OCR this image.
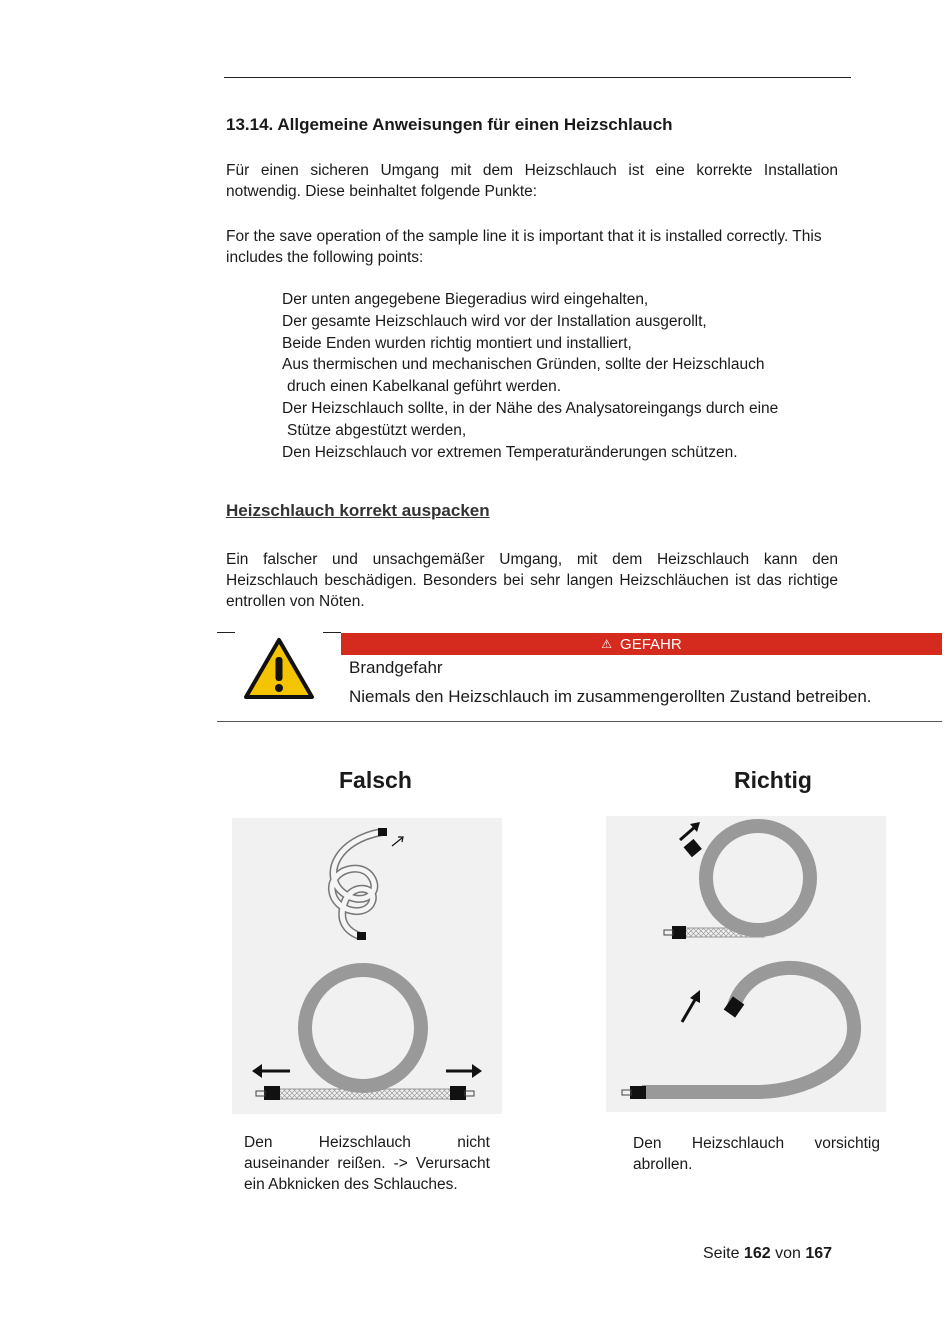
13.14. Allgemeine Anweisungen für einen Heizschlauch

Für einen sicheren Umgang mit dem Heizschlauch ist eine korrekte Installation notwendig. Diese beinhaltet folgende Punkte:

For the save operation of the sample line it is important that it is installed correctly. This includes the following points:

Der unten angegebene Biegeradius wird eingehalten,
Der gesamte Heizschlauch wird vor der Installation ausgerollt,
Beide Enden wurden richtig montiert und installiert,
Aus thermischen und mechanischen Gründen, sollte der Heizschlauch
druch einen Kabelkanal geführt werden.
Der Heizschlauch sollte, in der Nähe des Analysatoreingangs durch eine
Stütze abgestützt werden,
Den Heizschlauch vor extremen Temperaturänderungen schützen.
Heizschlauch korrekt auspacken

Ein falscher und unsachgemäßer Umgang, mit dem Heizschlauch kann den Heizschlauch beschädigen. Besonders bei sehr langen Heizschläuchen ist das richtige entrollen von Nöten.

⚠ GEFAHR

Brandgefahr

Niemals den Heizschlauch im zusammengerollten Zustand betreiben.

Falsch

Den Heizschlauch nicht auseinander reißen. -> Verursacht ein Abknicken des Schlauches.

Richtig

Den Heizschlauch vorsichtig abrollen.

Seite 162 von 167
